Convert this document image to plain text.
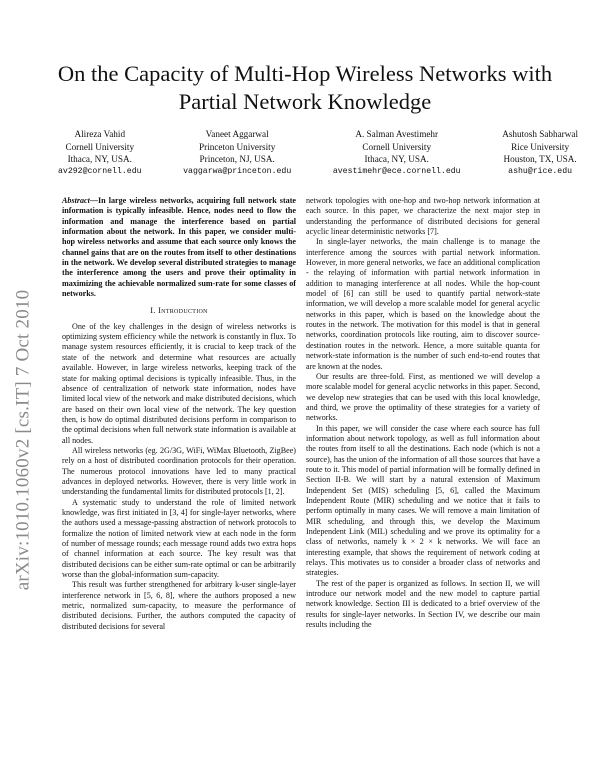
arXiv:1010.1060v2 [cs.IT] 7 Oct 2010
On the Capacity of Multi-Hop Wireless Networks with Partial Network Knowledge
Alireza Vahid
Cornell University
Ithaca, NY, USA.
av292@cornell.edu
Vaneet Aggarwal
Princeton University
Princeton, NJ, USA.
vaggarwa@princeton.edu
A. Salman Avestimehr
Cornell University
Ithaca, NY, USA.
avestimehr@ece.cornell.edu
Ashutosh Sabharwal
Rice University
Houston, TX, USA.
ashu@rice.edu

Abstract—In large wireless networks, acquiring full network state information is typically infeasible. Hence, nodes need to flow the information and manage the interference based on partial information about the network. In this paper, we consider multi-hop wireless networks and assume that each source only knows the channel gains that are on the routes from itself to other destinations in the network. We develop several distributed strategies to manage the interference among the users and prove their optimality in maximizing the achievable normalized sum-rate for some classes of networks.

I. Introduction

One of the key challenges in the design of wireless networks is optimizing system efficiency while the network is constantly in flux. To manage system resources efficiently, it is crucial to keep track of the state of the network and determine what resources are actually available. However, in large wireless networks, keeping track of the state for making optimal decisions is typically infeasible. Thus, in the absence of centralization of network state information, nodes have limited local view of the network and make distributed decisions, which are based on their own local view of the network. The key question then, is how do optimal distributed decisions perform in comparison to the optimal decisions when full network state information is available at all nodes.

All wireless networks (eg. 2G/3G, WiFi, WiMax Bluetooth, ZigBee) rely on a host of distributed coordination protocols for their operation. The numerous protocol innovations have led to many practical advances in deployed networks. However, there is very little work in understanding the fundamental limits for distributed protocols [1, 2].

A systematic study to understand the role of limited network knowledge, was first initiated in [3, 4] for single-layer networks, where the authors used a message-passing abstraction of network protocols to formalize the notion of limited network view at each node in the form of number of message rounds; each message round adds two extra hops of channel information at each source. The key result was that distributed decisions can be either sum-rate optimal or can be arbitrarily worse than the global-information sum-capacity.

This result was further strengthened for arbitrary k-user single-layer interference network in [5, 6, 8], where the authors proposed a new metric, normalized sum-capacity, to measure the performance of distributed decisions. Further, the authors computed the capacity of distributed decisions for several

network topologies with one-hop and two-hop network information at each source. In this paper, we characterize the next major step in understanding the performance of distributed decisions for general acyclic linear deterministic networks [7].

In single-layer networks, the main challenge is to manage the interference among the sources with partial network information. However, in more general networks, we face an additional complication - the relaying of information with partial network information in addition to managing interference at all nodes. While the hop-count model of [6] can still be used to quantify partial network-state information, we will develop a more scalable model for general acyclic networks in this paper, which is based on the knowledge about the routes in the network. The motivation for this model is that in general networks, coordination protocols like routing, aim to discover source-destination routes in the network. Hence, a more suitable quanta for network-state information is the number of such end-to-end routes that are known at the nodes.

Our results are three-fold. First, as mentioned we will develop a more scalable model for general acyclic networks in this paper. Second, we develop new strategies that can be used with this local knowledge, and third, we prove the optimality of these strategies for a variety of networks.

In this paper, we will consider the case where each source has full information about network topology, as well as full information about the routes from itself to all the destinations. Each node (which is not a source), has the union of the information of all those sources that have a route to it. This model of partial information will be formally defined in Section II-B. We will start by a natural extension of Maximum Independent Set (MIS) scheduling [5, 6], called the Maximum Independent Route (MIR) scheduling and we notice that it fails to perform optimally in many cases. We will remove a main limitation of MIR scheduling, and through this, we develop the Maximum Independent Link (MIL) scheduling and we prove its optimality for a class of networks, namely k × 2 × k networks. We will face an interesting example, that shows the requirement of network coding at relays. This motivates us to consider a broader class of networks and strategies.

The rest of the paper is organized as follows. In section II, we will introduce our network model and the new model to capture partial network knowledge. Section III is dedicated to a brief overview of the results for single-layer networks. In Section IV, we describe our main results including the
